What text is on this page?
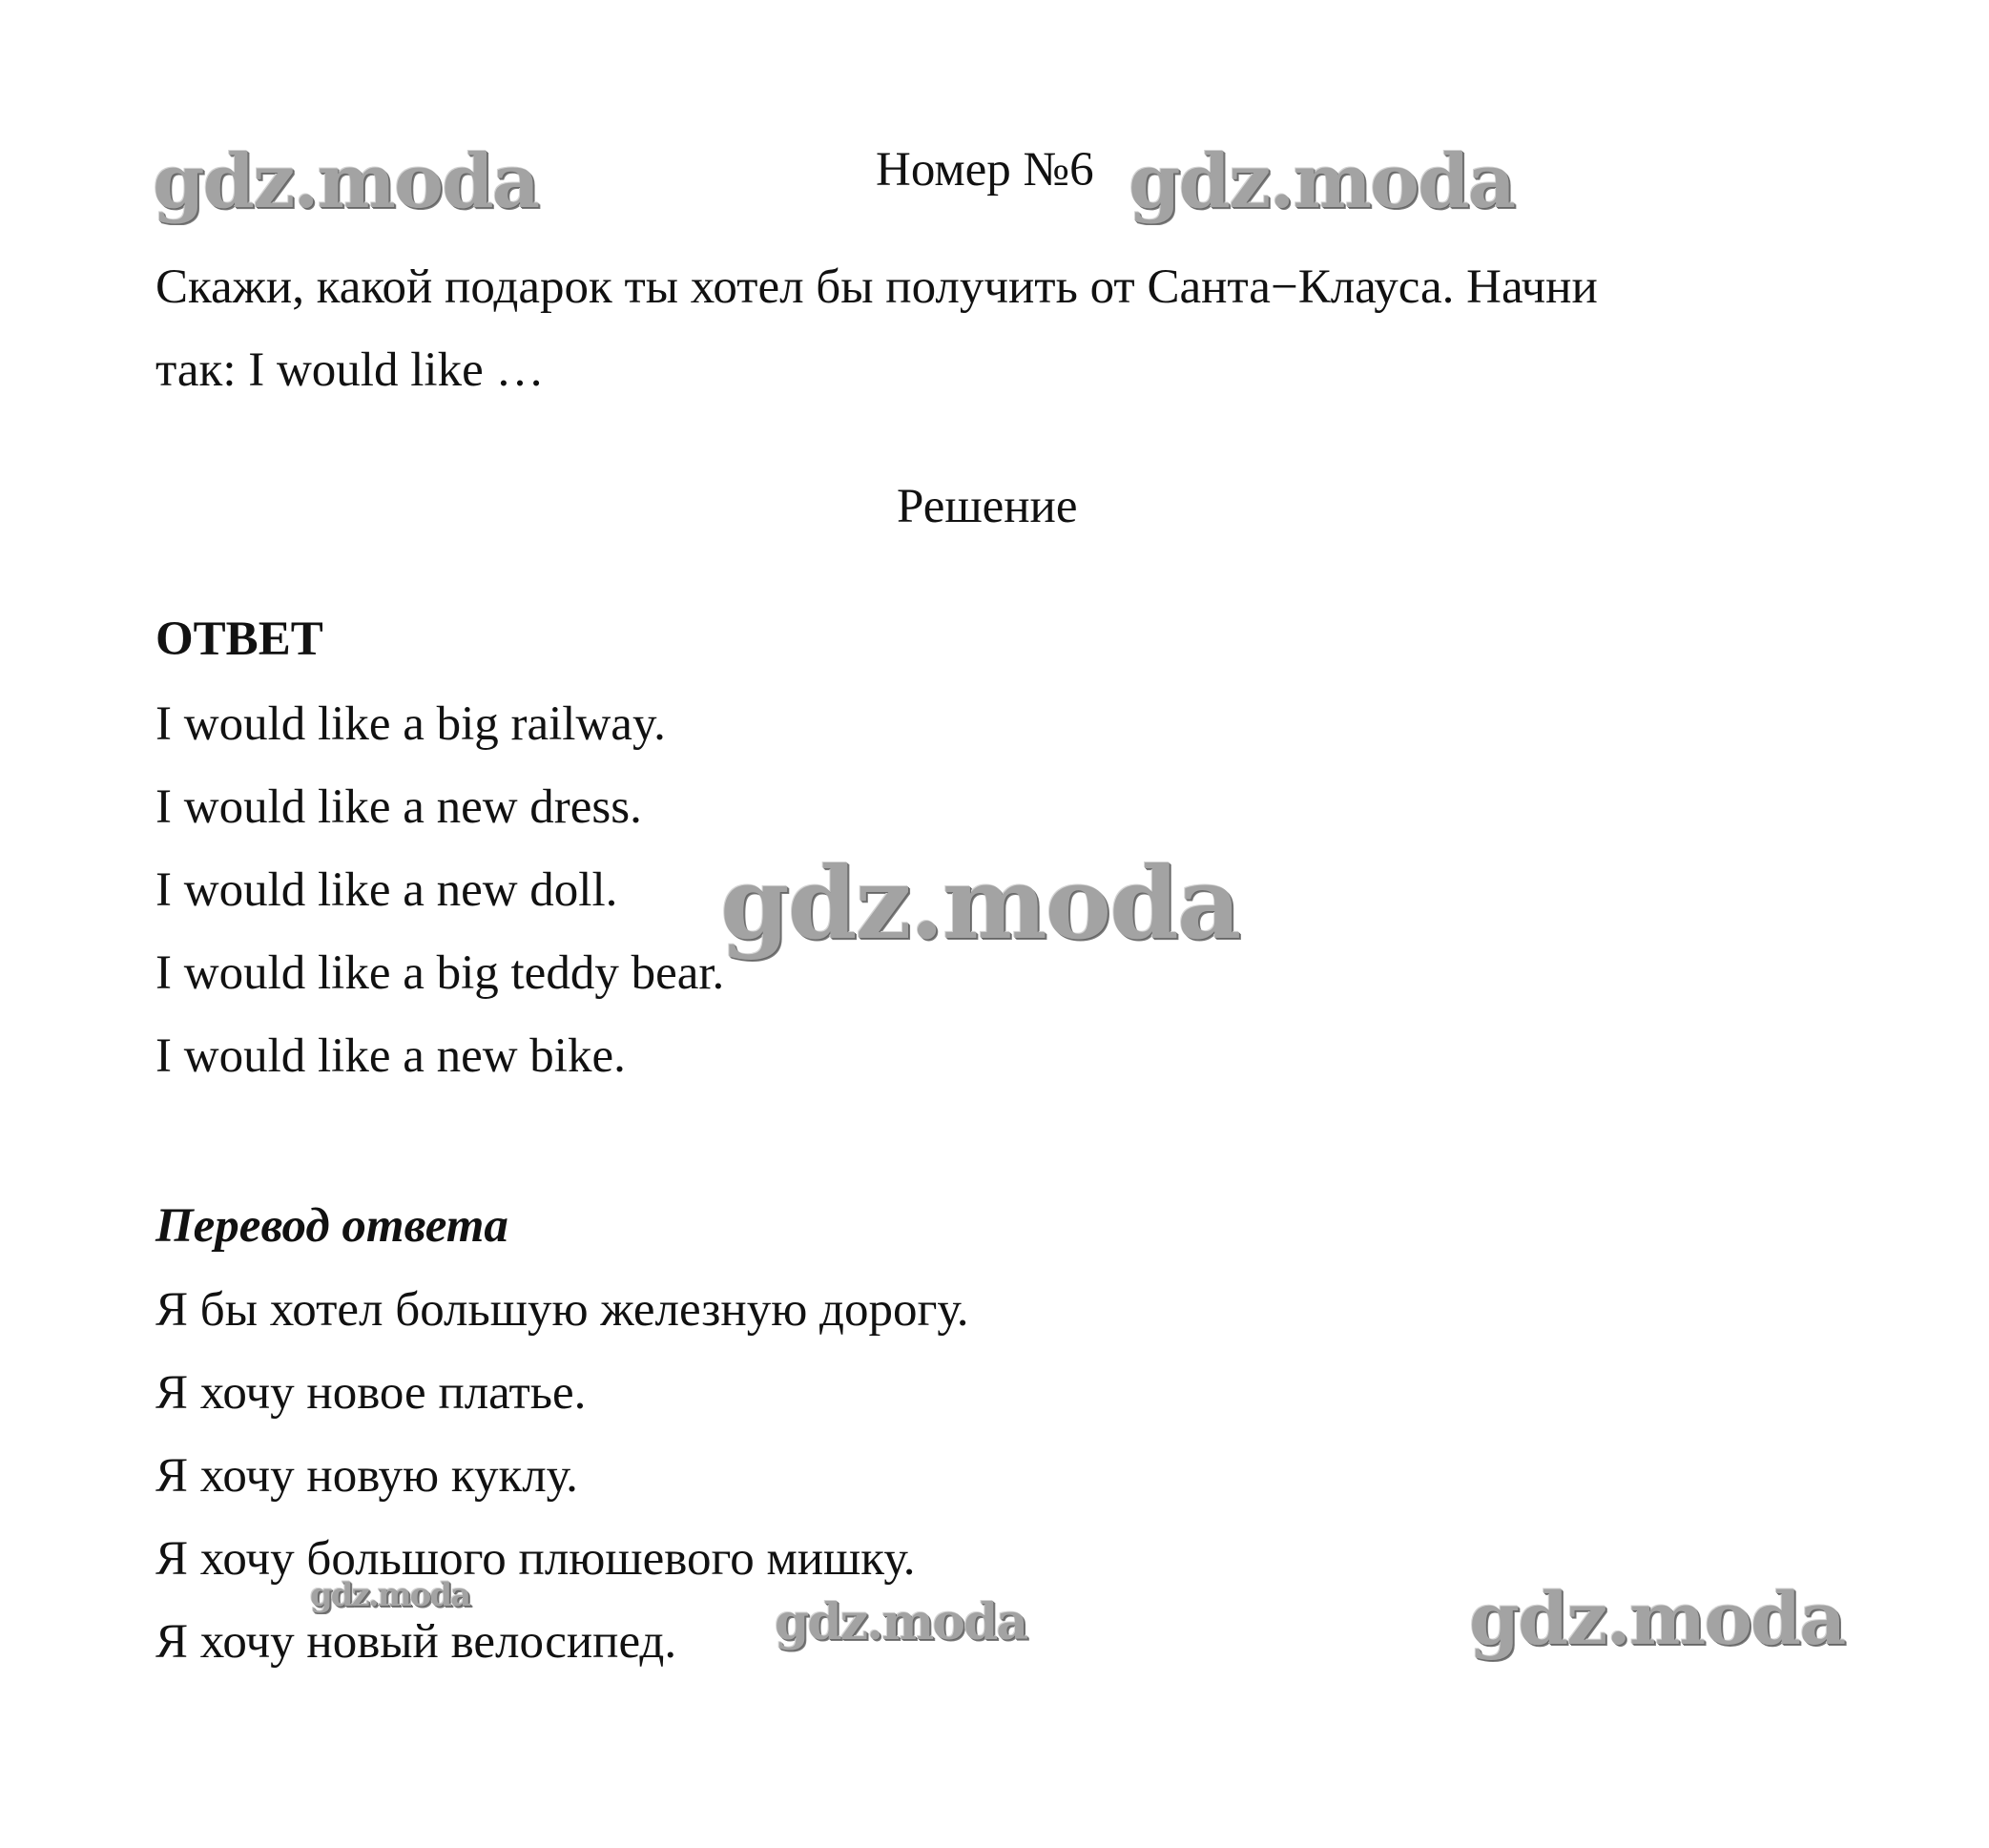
Номер №6
Скажи, какой подарок ты хотел бы получить от Санта−Клауса. Начни
так: I would like …
Решение
ОТВЕТ
I would like a big railway.
I would like a new dress.
I would like a new doll.
I would like a big teddy bear.
I would like a new bike.
Перевод ответа
Я бы хотел большую железную дорогу.
Я хочу новое платье.
Я хочу новую куклу.
Я хочу большого плюшевого мишку.
Я хочу новый велосипед.
gdz.moda	gdz.moda
gdz.moda
gdz.moda	gdz.moda	gdz.moda
